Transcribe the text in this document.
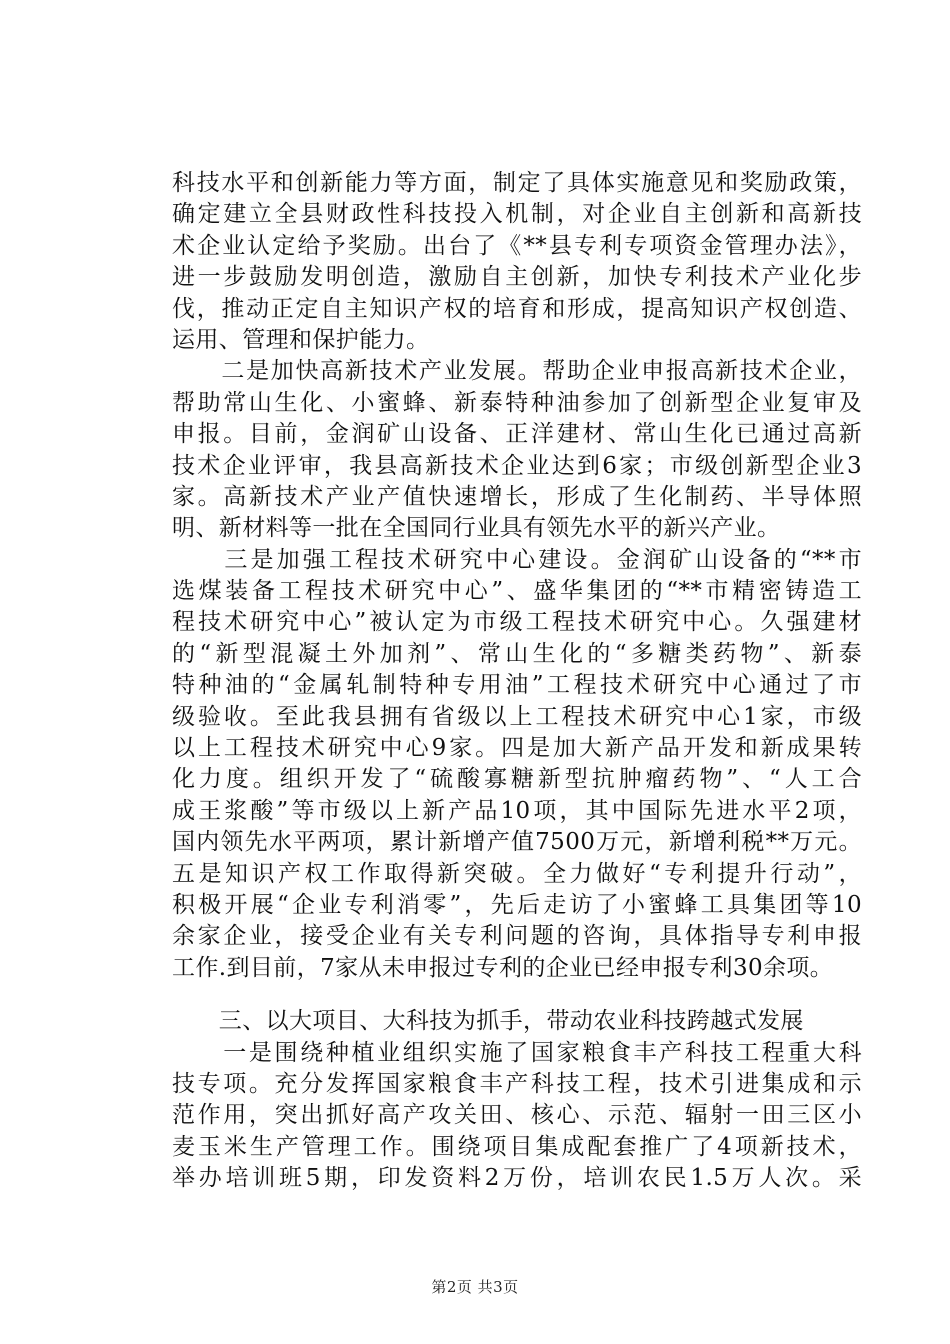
科技水平和创新能力等方面，制定了具体实施意见和奖励政策，
确定建立全县财政性科技投入机制，对企业自主创新和高新技
术企业认定给予奖励。出台了《**县专利专项资金管理办法》，
进一步鼓励发明创造，激励自主创新，加快专利技术产业化步
伐，推动正定自主知识产权的培育和形成，提高知识产权创造、
运用、管理和保护能力。
　　二是加快高新技术产业发展。帮助企业申报高新技术企业，
帮助常山生化、小蜜蜂、新泰特种油参加了创新型企业复审及
申报。目前，金润矿山设备、正洋建材、常山生化已通过高新
技术企业评审，我县高新技术企业达到6家；市级创新型企业3
家。高新技术产业产值快速增长，形成了生化制药、半导体照
明、新材料等一批在全国同行业具有领先水平的新兴产业。
　　三是加强工程技术研究中心建设。金润矿山设备的“**市
选煤装备工程技术研究中心”、盛华集团的“**市精密铸造工
程技术研究中心”被认定为市级工程技术研究中心。久强建材
的“新型混凝土外加剂”、常山生化的“多糖类药物”、新泰
特种油的“金属轧制特种专用油”工程技术研究中心通过了市
级验收。至此我县拥有省级以上工程技术研究中心1家，市级
以上工程技术研究中心9家。四是加大新产品开发和新成果转
化力度。组织开发了“硫酸寡糖新型抗肿瘤药物”、“人工合
成王浆酸”等市级以上新产品10项，其中国际先进水平2项，
国内领先水平两项，累计新增产值7500万元，新增利税**万元。
五是知识产权工作取得新突破。全力做好“专利提升行动”，
积极开展“企业专利消零”，先后走访了小蜜蜂工具集团等10
余家企业，接受企业有关专利问题的咨询，具体指导专利申报
工作.到目前，7家从未申报过专利的企业已经申报专利30余项。
　　三、以大项目、大科技为抓手，带动农业科技跨越式发展
　　一是围绕种植业组织实施了国家粮食丰产科技工程重大科
技专项。充分发挥国家粮食丰产科技工程，技术引进集成和示
范作用，突出抓好高产攻关田、核心、示范、辐射一田三区小
麦玉米生产管理工作。围绕项目集成配套推广了4项新技术，
举办培训班5期，印发资料2万份，培训农民1.5万人次。采
第2页 共3页
